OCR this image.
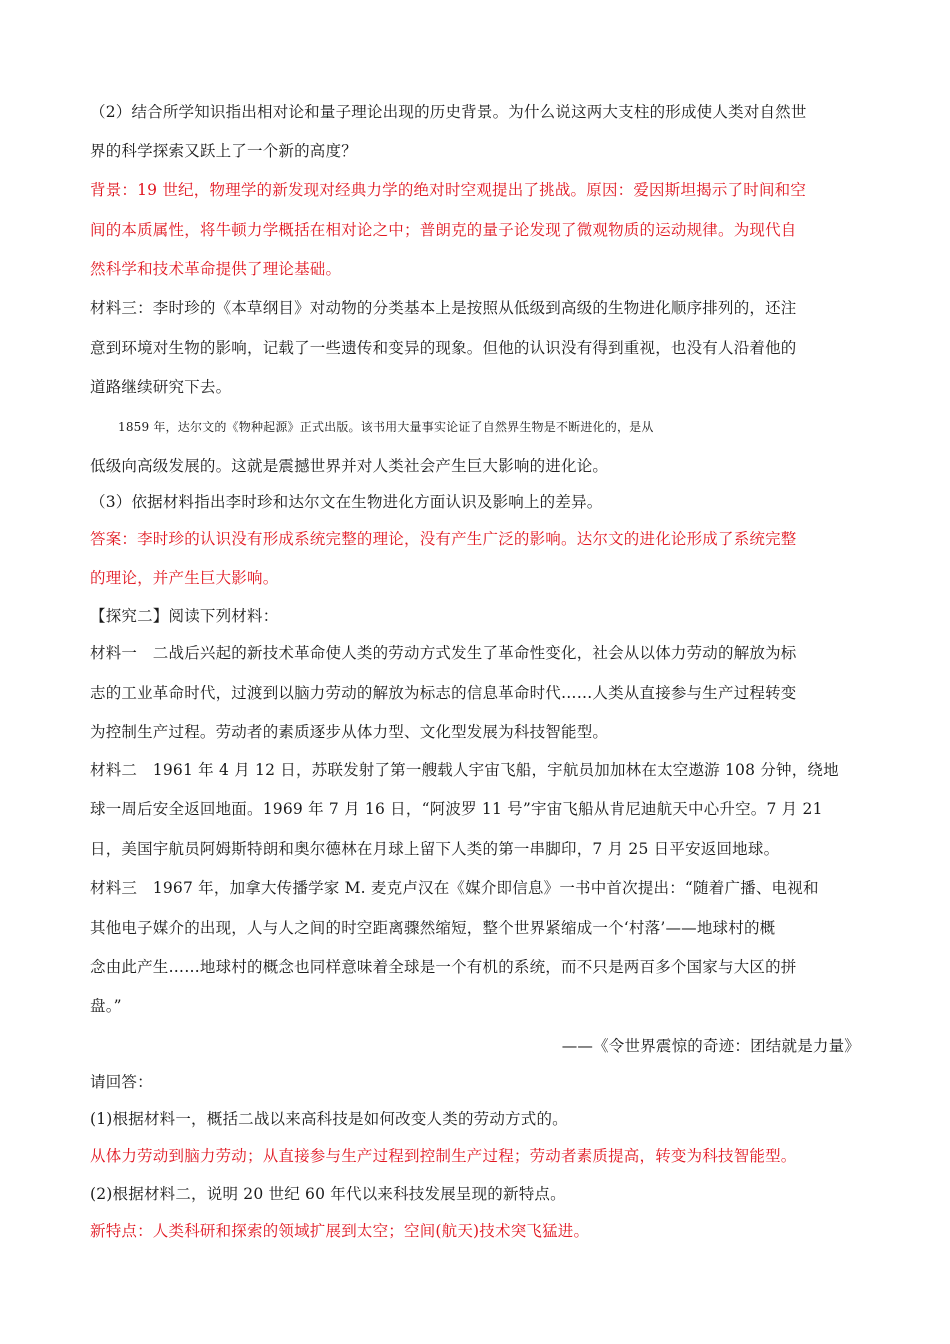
（2）结合所学知识指出相对论和量子理论出现的历史背景。为什么说这两大支柱的形成使人类对自然世
界的科学探索又跃上了一个新的高度？
背景：19 世纪，物理学的新发现对经典力学的绝对时空观提出了挑战。原因：爱因斯坦揭示了时间和空
间的本质属性，将牛顿力学概括在相对论之中；普朗克的量子论发现了微观物质的运动规律。为现代自
然科学和技术革命提供了理论基础。
材料三：李时珍的《本草纲目》对动物的分类基本上是按照从低级到高级的生物进化顺序排列的，还注
意到环境对生物的影响，记载了一些遗传和变异的现象。但他的认识没有得到重视，也没有人沿着他的
道路继续研究下去。
1859 年，达尔文的《物种起源》正式出版。该书用大量事实论证了自然界生物是不断进化的，是从
低级向高级发展的。这就是震撼世界并对人类社会产生巨大影响的进化论。
（3）依据材料指出李时珍和达尔文在生物进化方面认识及影响上的差异。
答案：李时珍的认识没有形成系统完整的理论，没有产生广泛的影响。达尔文的进化论形成了系统完整
的理论，并产生巨大影响。
【探究二】阅读下列材料：
材料一　二战后兴起的新技术革命使人类的劳动方式发生了革命性变化，社会从以体力劳动的解放为标
志的工业革命时代，过渡到以脑力劳动的解放为标志的信息革命时代……人类从直接参与生产过程转变
为控制生产过程。劳动者的素质逐步从体力型、文化型发展为科技智能型。
材料二　1961 年 4 月 12 日，苏联发射了第一艘载人宇宙飞船，宇航员加加林在太空遨游 108 分钟，绕地
球一周后安全返回地面。1969 年 7 月 16 日，“阿波罗 11 号”宇宙飞船从肯尼迪航天中心升空。7 月 21
日，美国宇航员阿姆斯特朗和奥尔德林在月球上留下人类的第一串脚印，7 月 25 日平安返回地球。
材料三　1967 年，加拿大传播学家 M. 麦克卢汉在《媒介即信息》一书中首次提出：“随着广播、电视和
其他电子媒介的出现，人与人之间的时空距离骤然缩短，整个世界紧缩成一个‘村落’——地球村的概
念由此产生……地球村的概念也同样意味着全球是一个有机的系统，而不只是两百多个国家与大区的拼
盘。”
——《令世界震惊的奇迹：团结就是力量》
请回答：
(1)根据材料一，概括二战以来高科技是如何改变人类的劳动方式的。
从体力劳动到脑力劳动；从直接参与生产过程到控制生产过程；劳动者素质提高，转变为科技智能型。
(2)根据材料二，说明 20 世纪 60 年代以来科技发展呈现的新特点。
新特点：人类科研和探索的领域扩展到太空；空间(航天)技术突飞猛进。
